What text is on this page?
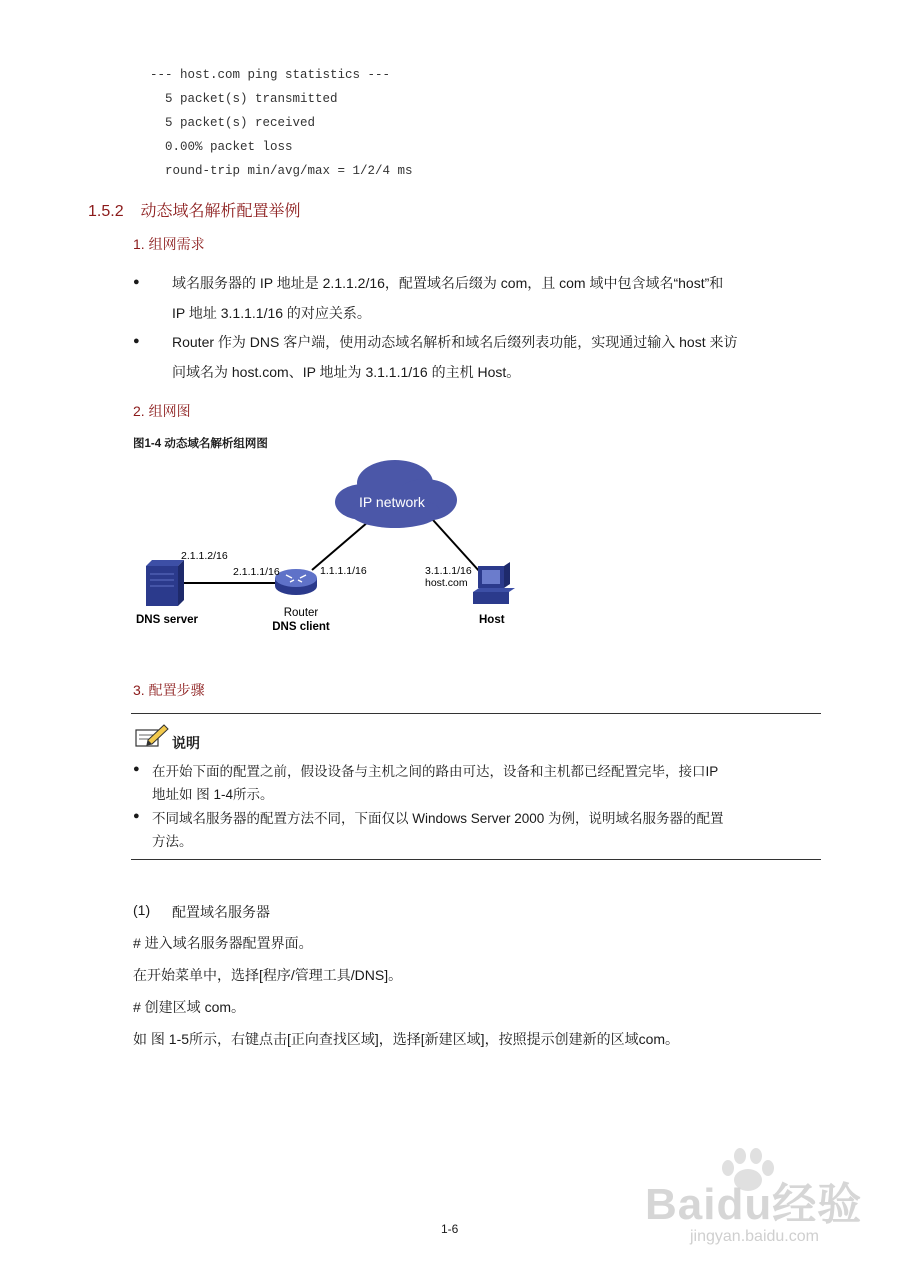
--- host.com ping statistics ---
5 packet(s) transmitted
5 packet(s) received
0.00% packet loss
round-trip min/avg/max = 1/2/4 ms
1.5.2 动态域名解析配置举例
1. 组网需求
● 域名服务器的 IP 地址是 2.1.1.2/16，配置域名后缀为 com，且 com 域中包含域名“host”和
IP 地址 3.1.1.1/16 的对应关系。
● Router 作为 DNS 客户端，使用动态域名解析和域名后缀列表功能，实现通过输入 host 来访
问域名为 host.com、IP 地址为 3.1.1.1/16 的主机 Host。
2. 组网图
图1-4 动态域名解析组网图
IP network
2.1.1.2/16
DNS server
2.1.1.1/16	1.1.1.1/16
Router
DNS client
3.1.1.1/16
host.com
Host
3. 配置步骤
说明
● 在开始下面的配置之前，假设设备与主机之间的路由可达，设备和主机都已经配置完毕，接口IP
地址如 图 1-4所示。
● 不同域名服务器的配置方法不同，下面仅以 Windows Server 2000 为例，说明域名服务器的配置
方法。
(1) 配置域名服务器
# 进入域名服务器配置界面。
在开始菜单中，选择[程序/管理工具/DNS]。
# 创建区域 com。
如 图 1-5所示，右键点击[正向查找区域]，选择[新建区域]，按照提示创建新的区域com。
1-6	Baidu经验
jingyan.baidu.com
